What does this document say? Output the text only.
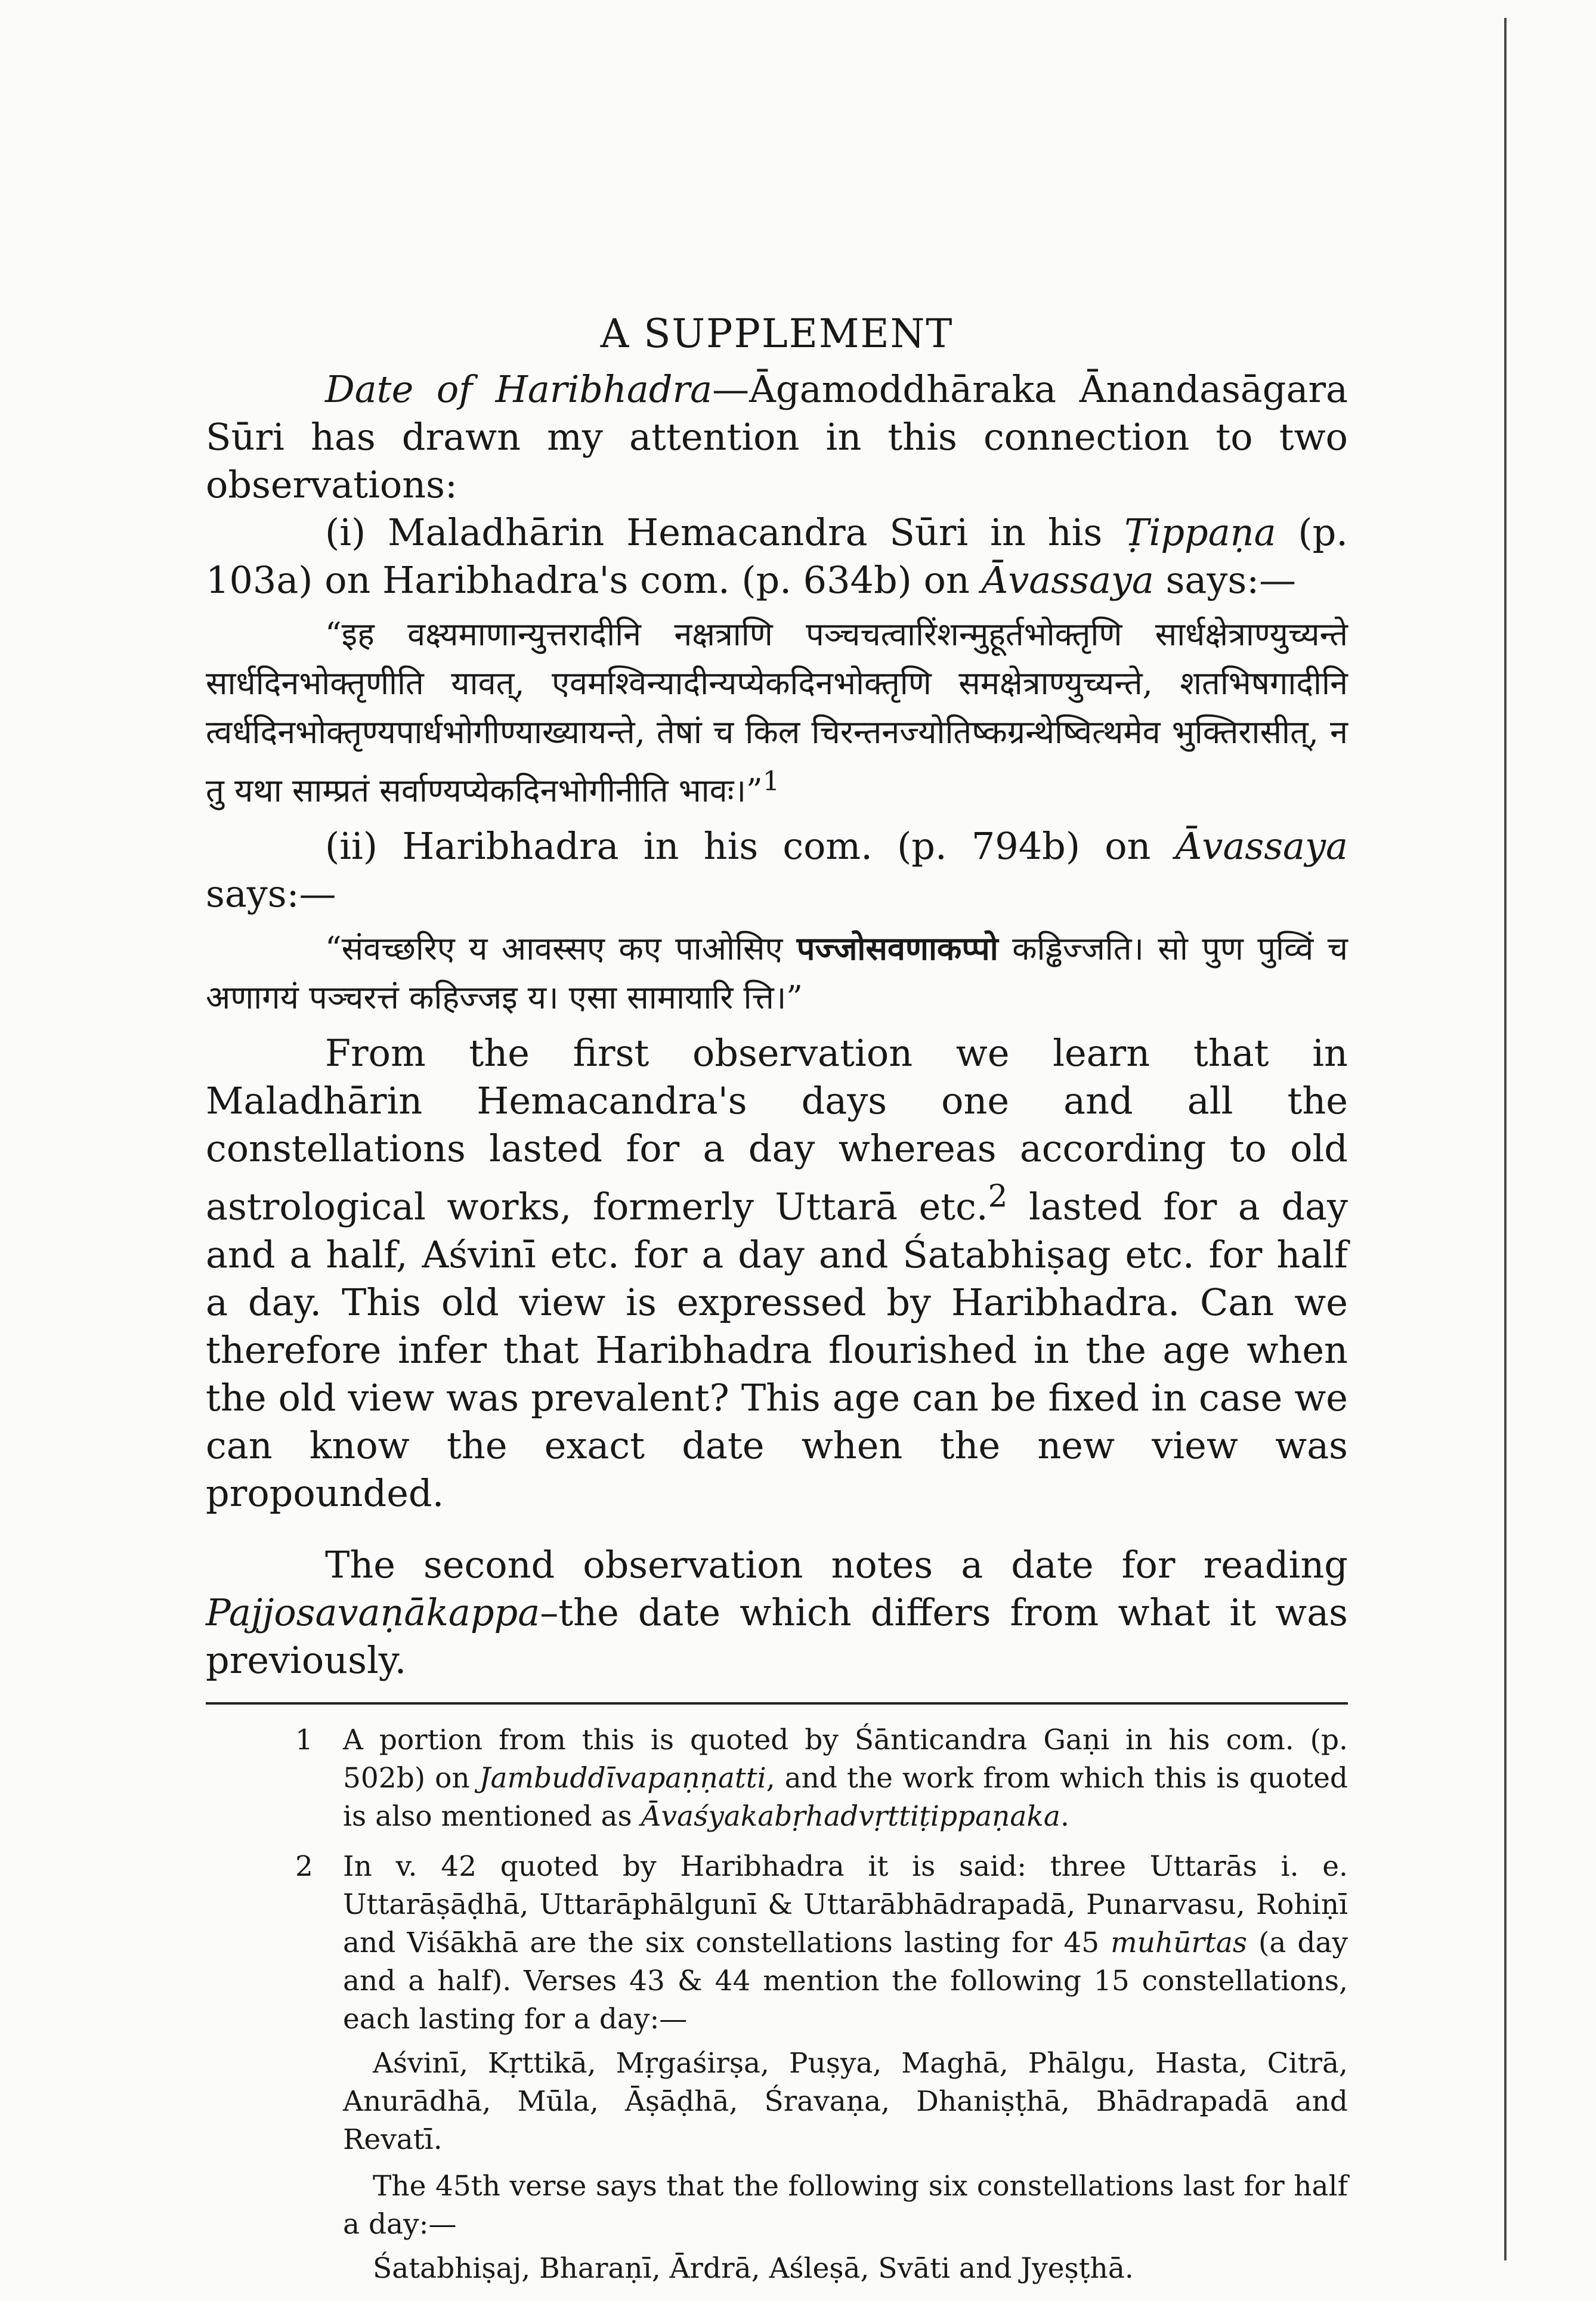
A SUPPLEMENT

Date of Haribhadra—Āgamoddhāraka Ānandasāgara Sūri has drawn my attention in this connection to two observations:

(i) Maladhārin Hemacandra Sūri in his Ṭippaṇa (p. 103a) on Haribhadra's com. (p. 634b) on Āvassaya says:—

“इह वक्ष्यमाणान्युत्तरादीनि नक्षत्राणि पञ्चचत्वारिंशन्मुहूर्तभोक्तृणि सार्धक्षेत्राण्युच्यन्ते सार्धदिनभोक्तृणीति यावत्, एवमश्विन्यादीन्यप्येकदिनभोक्तृणि समक्षेत्राण्युच्यन्ते, शतभिषगादीनि त्वर्धदिनभोक्तृण्यपार्धभोगीण्याख्यायन्ते, तेषां च किल चिरन्तनज्योतिष्कग्रन्थेष्वित्थमेव भुक्तिरासीत्, न तु यथा साम्प्रतं सर्वाण्यप्येकदिनभोगीनीति भावः।”$^1$

(ii) Haribhadra in his com. (p. 794b) on Āvassaya says:—

“संवच्छरिए य आवस्सए कए पाओसिए पज्जोसवणाकप्पो कड्ढिज्जति। सो पुण पुव्विं च अणागयं पञ्चरत्तं कहिज्जइ य। एसा सामायारि त्ति।”

From the first observation we learn that in Maladhārin Hemacandra's days one and all the constellations lasted for a day whereas according to old astrological works, formerly Uttarā etc.$^2$ lasted for a day and a half, Aśvinī etc. for a day and Śatabhiṣag etc. for half a day. This old view is expressed by Haribhadra. Can we therefore infer that Haribhadra flourished in the age when the old view was prevalent? This age can be fixed in case we can know the exact date when the new view was propounded.

The second observation notes a date for reading Pajjosavaṇākappa–the date which differs from what it was previously.

1	A portion from this is quoted by Śānticandra Gaṇi in his com. (p. 502b) on Jambuddīvapaṇṇatti, and the work from which this is quoted is also mentioned as Āvaśyakabṛhadvṛttiṭippaṇaka.
2	In v. 42 quoted by Haribhadra it is said: three Uttarās i. e. Uttarāṣāḍhā, Uttarāphālgunī & Uttarābhādrapadā, Punarvasu, Rohiṇī and Viśākhā are the six constellations lasting for 45 muhūrtas (a day and a half). Verses 43 & 44 mention the following 15 constellations, each lasting for a day:—

Aśvinī, Kṛttikā, Mṛgaśirṣa, Puṣya, Maghā, Phālgu, Hasta, Citrā, Anurādhā, Mūla, Āṣāḍhā, Śravaṇa, Dhaniṣṭhā, Bhādrapadā and Revatī.

The 45th verse says that the following six constellations last for half a day:—

Śatabhiṣaj, Bharaṇī, Ārdrā, Aśleṣā, Svāti and Jyeṣṭhā.
